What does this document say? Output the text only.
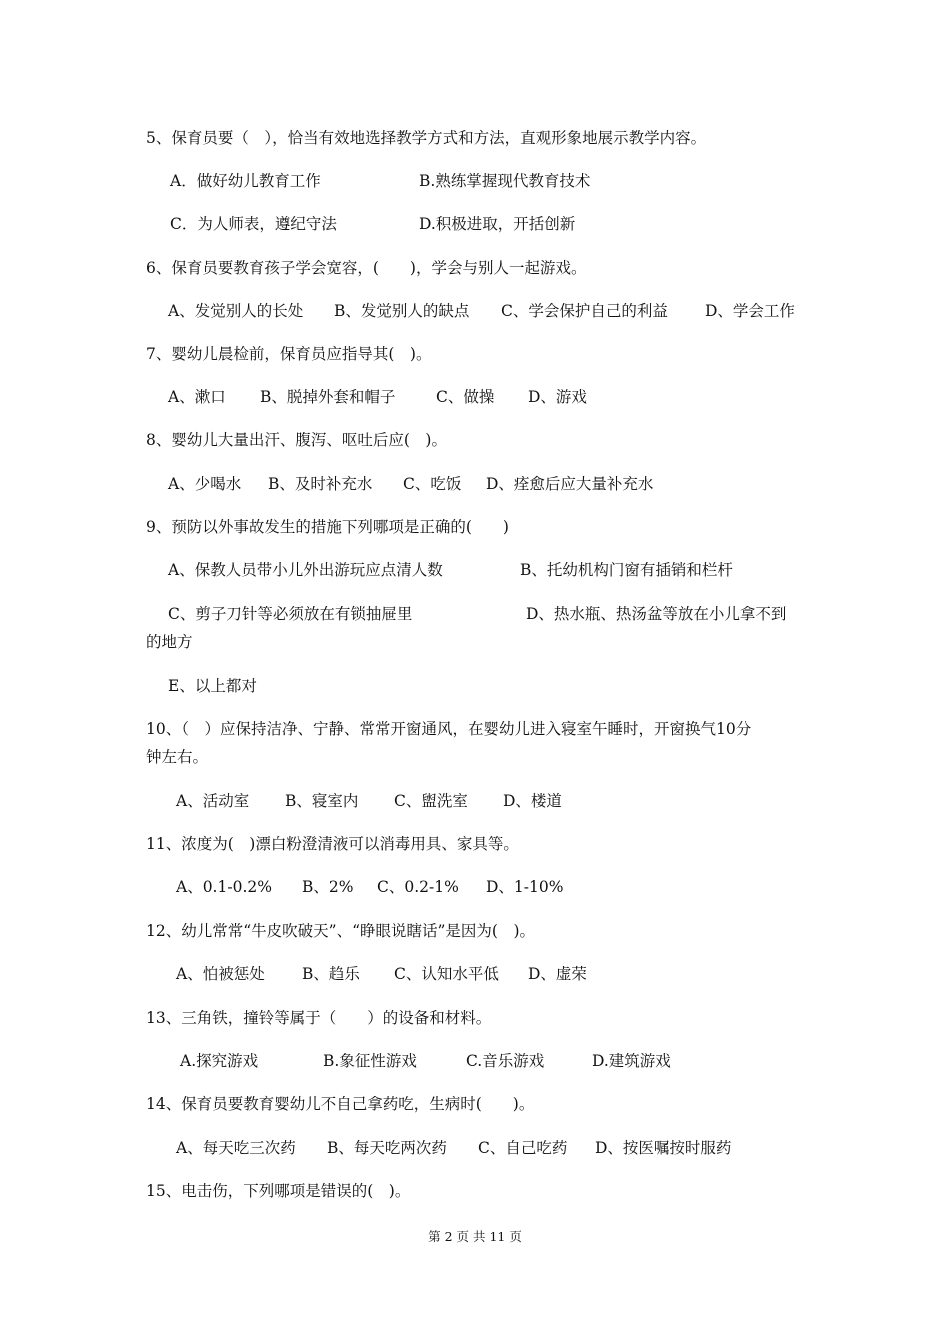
5、保育员要（　），恰当有效地选择教学方式和方法，直观形象地展示教学内容。
A．做好幼儿教育工作	B.熟练掌握现代教育技术
C．为人师表，遵纪守法	D.积极进取，开括创新
6、保育员要教育孩子学会宽容，(　　)，学会与别人一起游戏。
A、发觉别人的长处 B、发觉别人的缺点 C、学会保护自己的利益 D、学会工作
7、婴幼儿晨检前，保育员应指导其(　)。
A、漱口 B、脱掉外套和帽子	C、做操 D、游戏
8、婴幼儿大量出汗、腹泻、呕吐后应(　)。
A、少喝水 B、及时补充水 C、吃饭 D、痊愈后应大量补充水
9、预防以外事故发生的措施下列哪项是正确的(　　)
A、保教人员带小儿外出游玩应点清人数	B、托幼机构门窗有插销和栏杆
C、剪子刀针等必须放在有锁抽屉里	D、热水瓶、热汤盆等放在小儿拿不到
的地方
E、以上都对
10、（　）应保持洁净、宁静、常常开窗通风，在婴幼儿进入寝室午睡时，开窗换气10分
钟左右。
A、活动室 B、寝室内 C、盥洗室 D、楼道
11、浓度为(　)漂白粉澄清液可以消毒用具、家具等。
A、0.1-0.2% B、2% C、0.2-1% D、1-10%
12、幼儿常常“牛皮吹破天”、“睁眼说瞎话”是因为(　)。
A、怕被惩处 B、趋乐 C、认知水平低 D、虚荣
13、三角铁，撞铃等属于（　　）的设备和材料。
A.探究游戏	B.象征性游戏	C.音乐游戏	D.建筑游戏
14、保育员要教育婴幼儿不自己拿药吃，生病时(　　)。
A、每天吃三次药 B、每天吃两次药 C、自己吃药 D、按医嘱按时服药
15、电击伤，下列哪项是错误的(　)。
第 2 页 共 11 页
